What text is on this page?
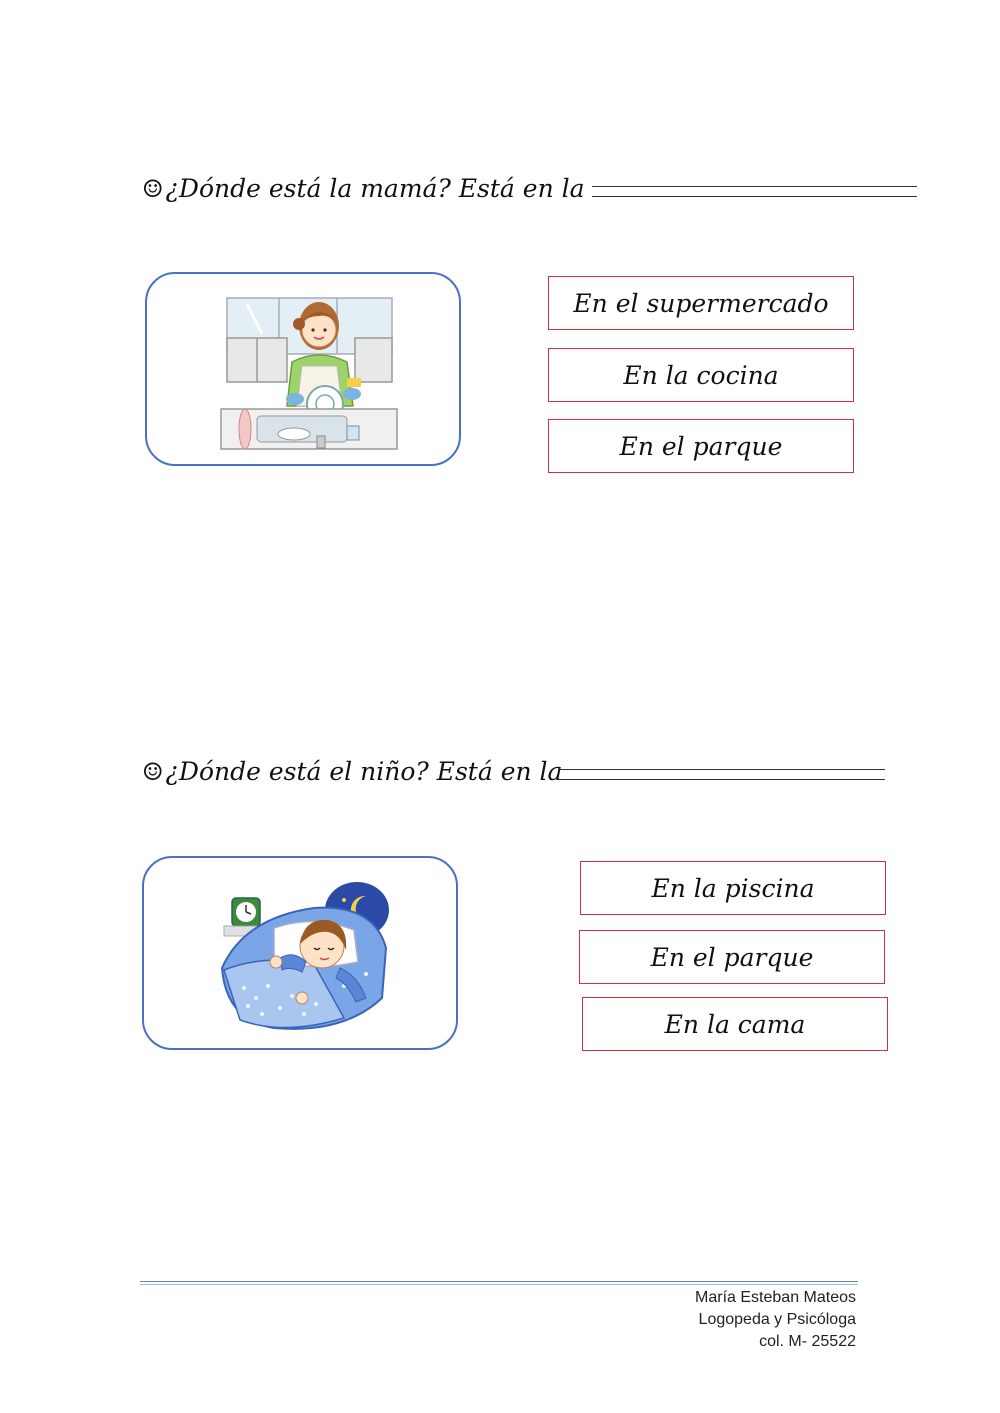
☺ ¿Dónde está la mamá? Está en la
En el supermercado
En la cocina
En el parque
☺ ¿Dónde está el niño? Está en la
En la piscina
En el parque
En la cama
María Esteban Mateos
Logopeda y Psicóloga
col. M- 25522
